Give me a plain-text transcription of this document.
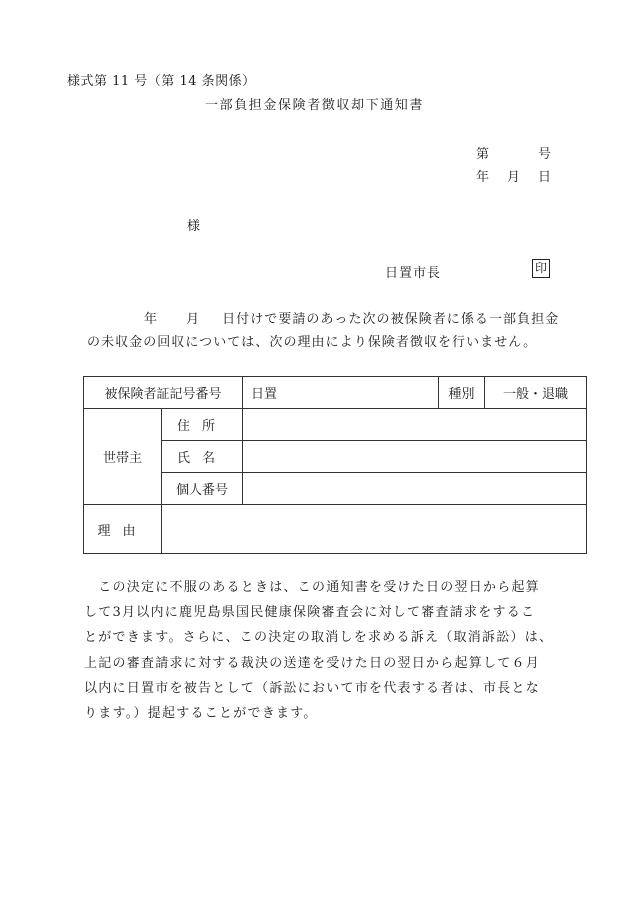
様式第 11 号（第 14 条関係）
一部負担金保険者徴収却下通知書
第	号
年 月 日
様
日置市長	印
年 月 日付けで要請のあった次の被保険者に係る一部負担金
の未収金の回収については、次の理由により保険者徴収を行いません。
被保険者証記号番号		日置	種別	一般・退職
世帯主	住所			
	氏名			
	個人番号			
理由				
　この決定に不服のあるときは、この通知書を受けた日の翌日から起算
して3月以内に鹿児島県国民健康保険審査会に対して審査請求をするこ
とができます。さらに、この決定の取消しを求める訴え（取消訴訟）は、
上記の審査請求に対する裁決の送達を受けた日の翌日から起算して６月
以内に日置市を被告として（訴訟において市を代表する者は、市長とな
ります。）提起することができます。
